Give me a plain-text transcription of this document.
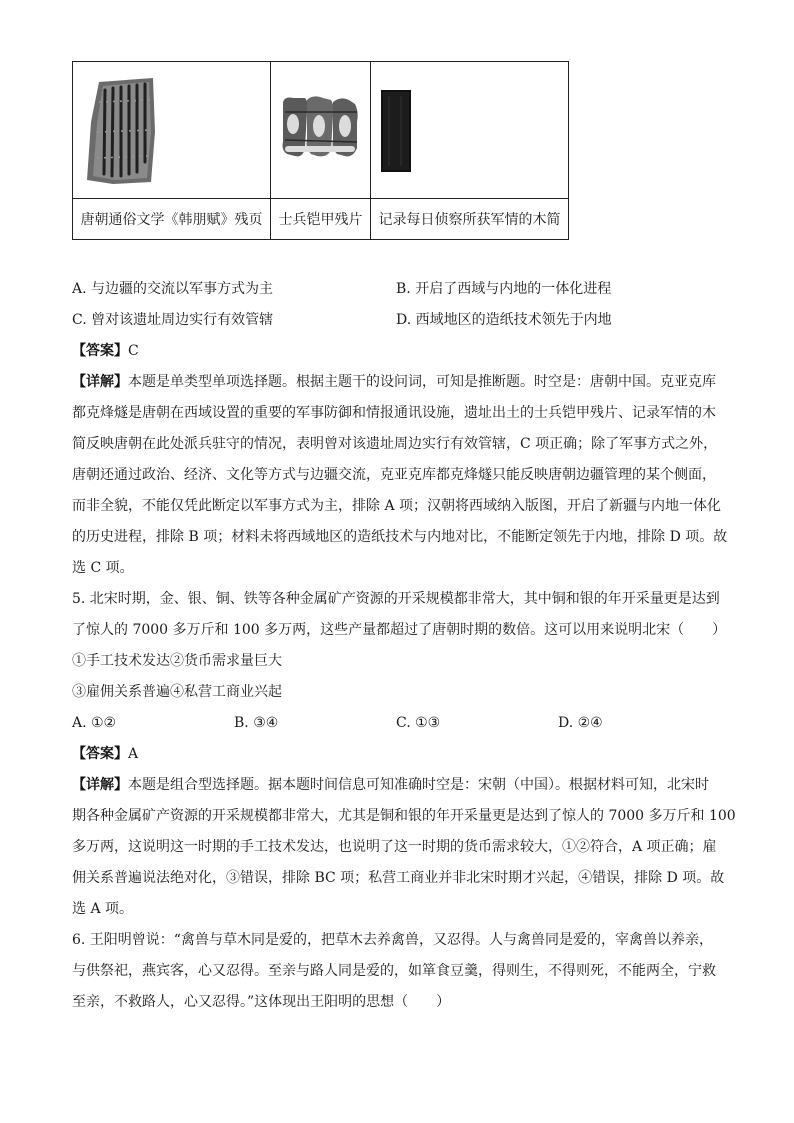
唐朝通俗文学《韩朋赋》残页	士兵铠甲残片	记录每日侦察所获军情的木简
A. 与边疆的交流以军事方式为主	B. 开启了西域与内地的一体化进程
C. 曾对该遗址周边实行有效管辖	D. 西域地区的造纸技术领先于内地
【答案】C
【详解】本题是单类型单项选择题。根据主题干的设问词，可知是推断题。时空是：唐朝中国。克亚克库
都克烽燧是唐朝在西域设置的重要的军事防御和情报通讯设施，遗址出土的士兵铠甲残片、记录军情的木
简反映唐朝在此处派兵驻守的情况，表明曾对该遗址周边实行有效管辖，C 项正确；除了军事方式之外，
唐朝还通过政治、经济、文化等方式与边疆交流，克亚克库都克烽燧只能反映唐朝边疆管理的某个侧面，
而非全貌，不能仅凭此断定以军事方式为主，排除 A 项；汉朝将西域纳入版图，开启了新疆与内地一体化
的历史进程，排除 B 项；材料未将西域地区的造纸技术与内地对比，不能断定领先于内地，排除 D 项。故
选 C 项。
5. 北宋时期，金、银、铜、铁等各种金属矿产资源的开采规模都非常大，其中铜和银的年开采量更是达到
了惊人的 7000 多万斤和 100 多万两，这些产量都超过了唐朝时期的数倍。这可以用来说明北宋（　　）
①手工技术发达②货币需求量巨大
③雇佣关系普遍④私营工商业兴起
A. ①②	B. ③④	C. ①③	D. ②④
【答案】A
【详解】本题是组合型选择题。据本题时间信息可知准确时空是：宋朝（中国）。根据材料可知，北宋时
期各种金属矿产资源的开采规模都非常大，尤其是铜和银的年开采量更是达到了惊人的 7000 多万斤和 100
多万两，这说明这一时期的手工技术发达，也说明了这一时期的货币需求较大，①②符合，A 项正确；雇
佣关系普遍说法绝对化，③错误，排除 BC 项；私营工商业并非北宋时期才兴起，④错误，排除 D 项。故
选 A 项。
6. 王阳明曾说：“禽兽与草木同是爱的，把草木去养禽兽，又忍得。人与禽兽同是爱的，宰禽兽以养亲，
与供祭祀，燕宾客，心又忍得。至亲与路人同是爱的，如箪食豆羹，得则生，不得则死，不能两全，宁救
至亲，不救路人，心又忍得。”这体现出王阳明的思想（　　）
